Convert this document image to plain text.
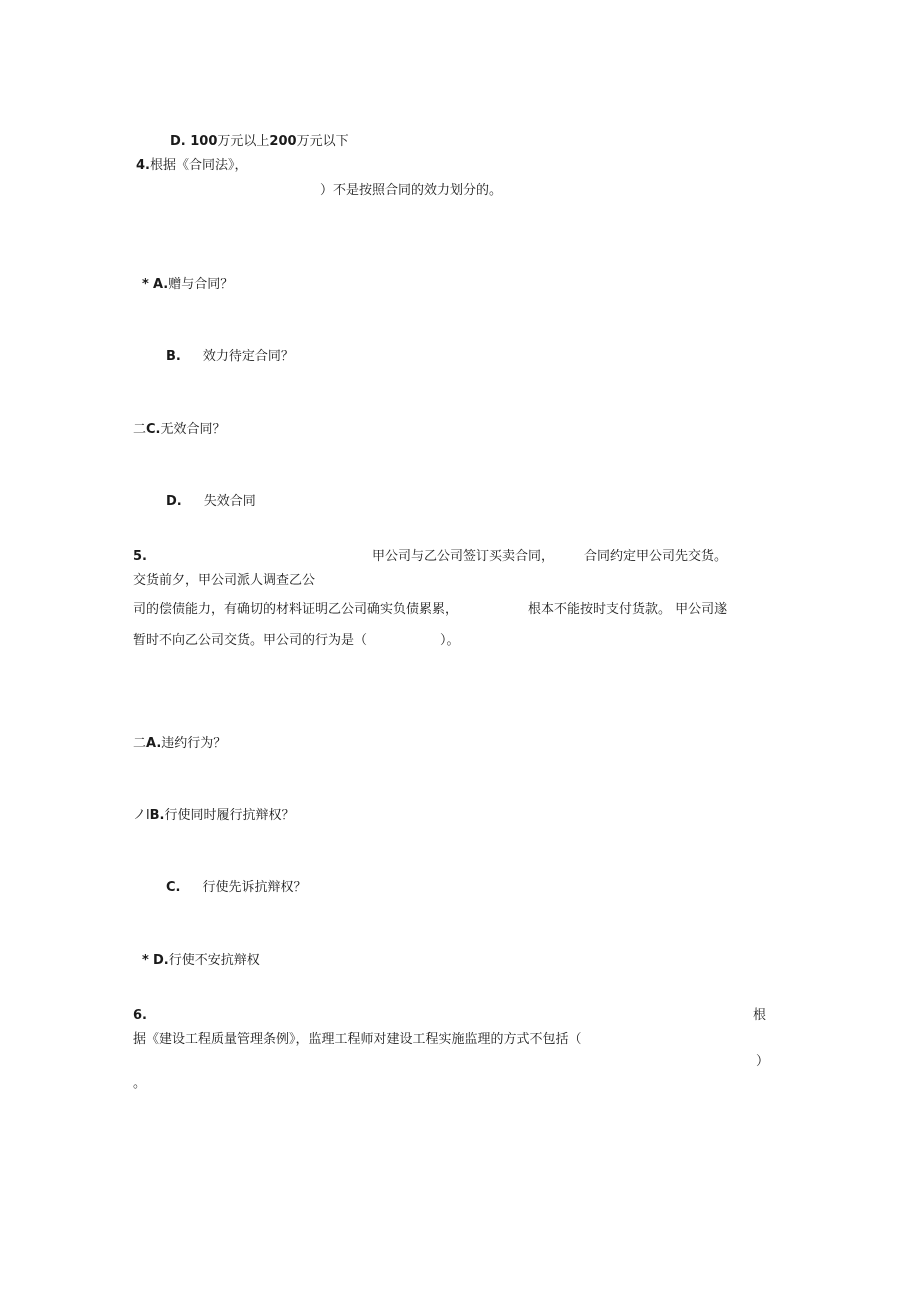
D. 100万元以上200万元以下
4.根据《合同法》，
）不是按照合同的效力划分的。
* A.赠与合同？
B. 效力待定合同？
二C.无效合同？
D. 失效合同
5.	甲公司与乙公司签订买卖合同， 合同约定甲公司先交货。
交货前夕，甲公司派人调查乙公
司的偿债能力，有确切的材料证明乙公司确实负债累累，	根本不能按时支付货款。 甲公司遂
暂时不向乙公司交货。甲公司的行为是（	）。
二A.违约行为？
ノlB.行使同时履行抗辩权？
C. 行使先诉抗辩权？
* D.行使不安抗辩权
6.	根
据《建设工程质量管理条例》，监理工程师对建设工程实施监理的方式不包括（
）
。
